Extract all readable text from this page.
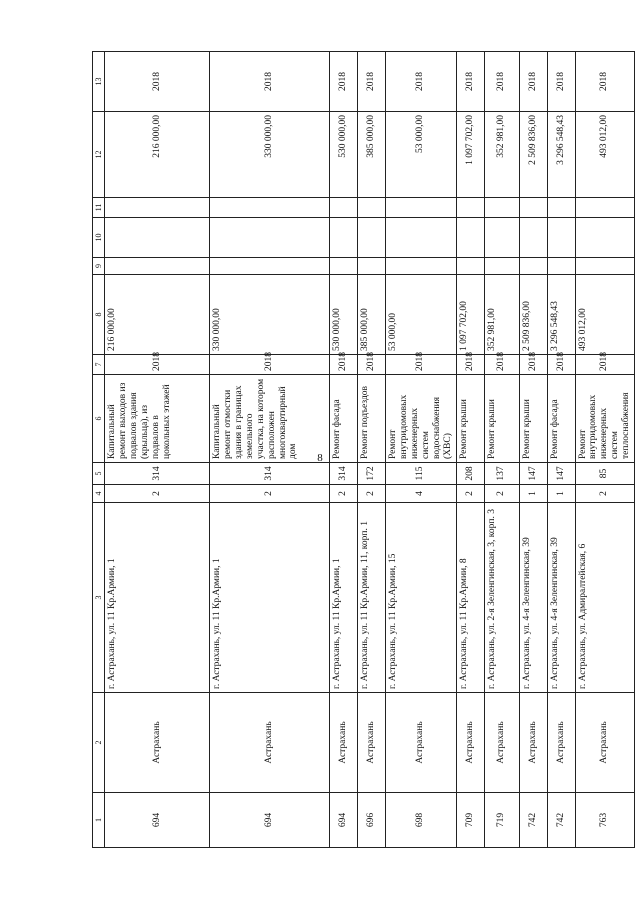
8
1	2	3	4	5	6	7	8	9	10	11	12	13
694	Астрахань	г. Астрахань, ул. 11 Кр.Армии, 1	2	314	Капитальный ремонт выходов из подвалов здания (крыльца), из подвалов в цокольных этажей	2018	216 000,00				216 000,00	2018
694	Астрахань	г. Астрахань, ул. 11 Кр.Армии, 1	2	314	Капитальный ремонт отмостки здания в границах земельного участка, на котором расположен многоквартирный дом	2018	330 000,00				330 000,00	2018
694	Астрахань	г. Астрахань, ул. 11 Кр.Армии, 1	2	314	Ремонт фасада	2018	530 000,00				530 000,00	2018
696	Астрахань	г. Астрахань, ул. 11 Кр.Армии, 11, корп. 1	2	172	Ремонт подъездов	2018	385 000,00				385 000,00	2018
698	Астрахань	г. Астрахань, ул. 11 Кр.Армии, 15	4	115	Ремонт внутридомовых инженерных систем водоснабжения (ХВС)	2018	53 000,00				53 000,00	2018
709	Астрахань	г. Астрахань, ул. 11 Кр.Армии, 8	2	208	Ремонт крыши	2018	1 097 702,00				1 097 702,00	2018
719	Астрахань	г. Астрахань, ул. 2-я Зеленгинская, 3, корп. 3	2	137	Ремонт крыши	2018	352 981,00				352 981,00	2018
742	Астрахань	г. Астрахань, ул. 4-я Зеленгинская, 39	1	147	Ремонт крыши	2018	2 509 836,00				2 509 836,00	2018
742	Астрахань	г. Астрахань, ул. 4-я Зеленгинская, 39	1	147	Ремонт фасада	2018	3 296 548,43				3 296 548,43	2018
763	Астрахань	г. Астрахань, ул. Адмиралтейская, 6	2	85	Ремонт внутридомовых инженерных систем теплоснабжения	2018	493 012,00				493 012,00	2018
